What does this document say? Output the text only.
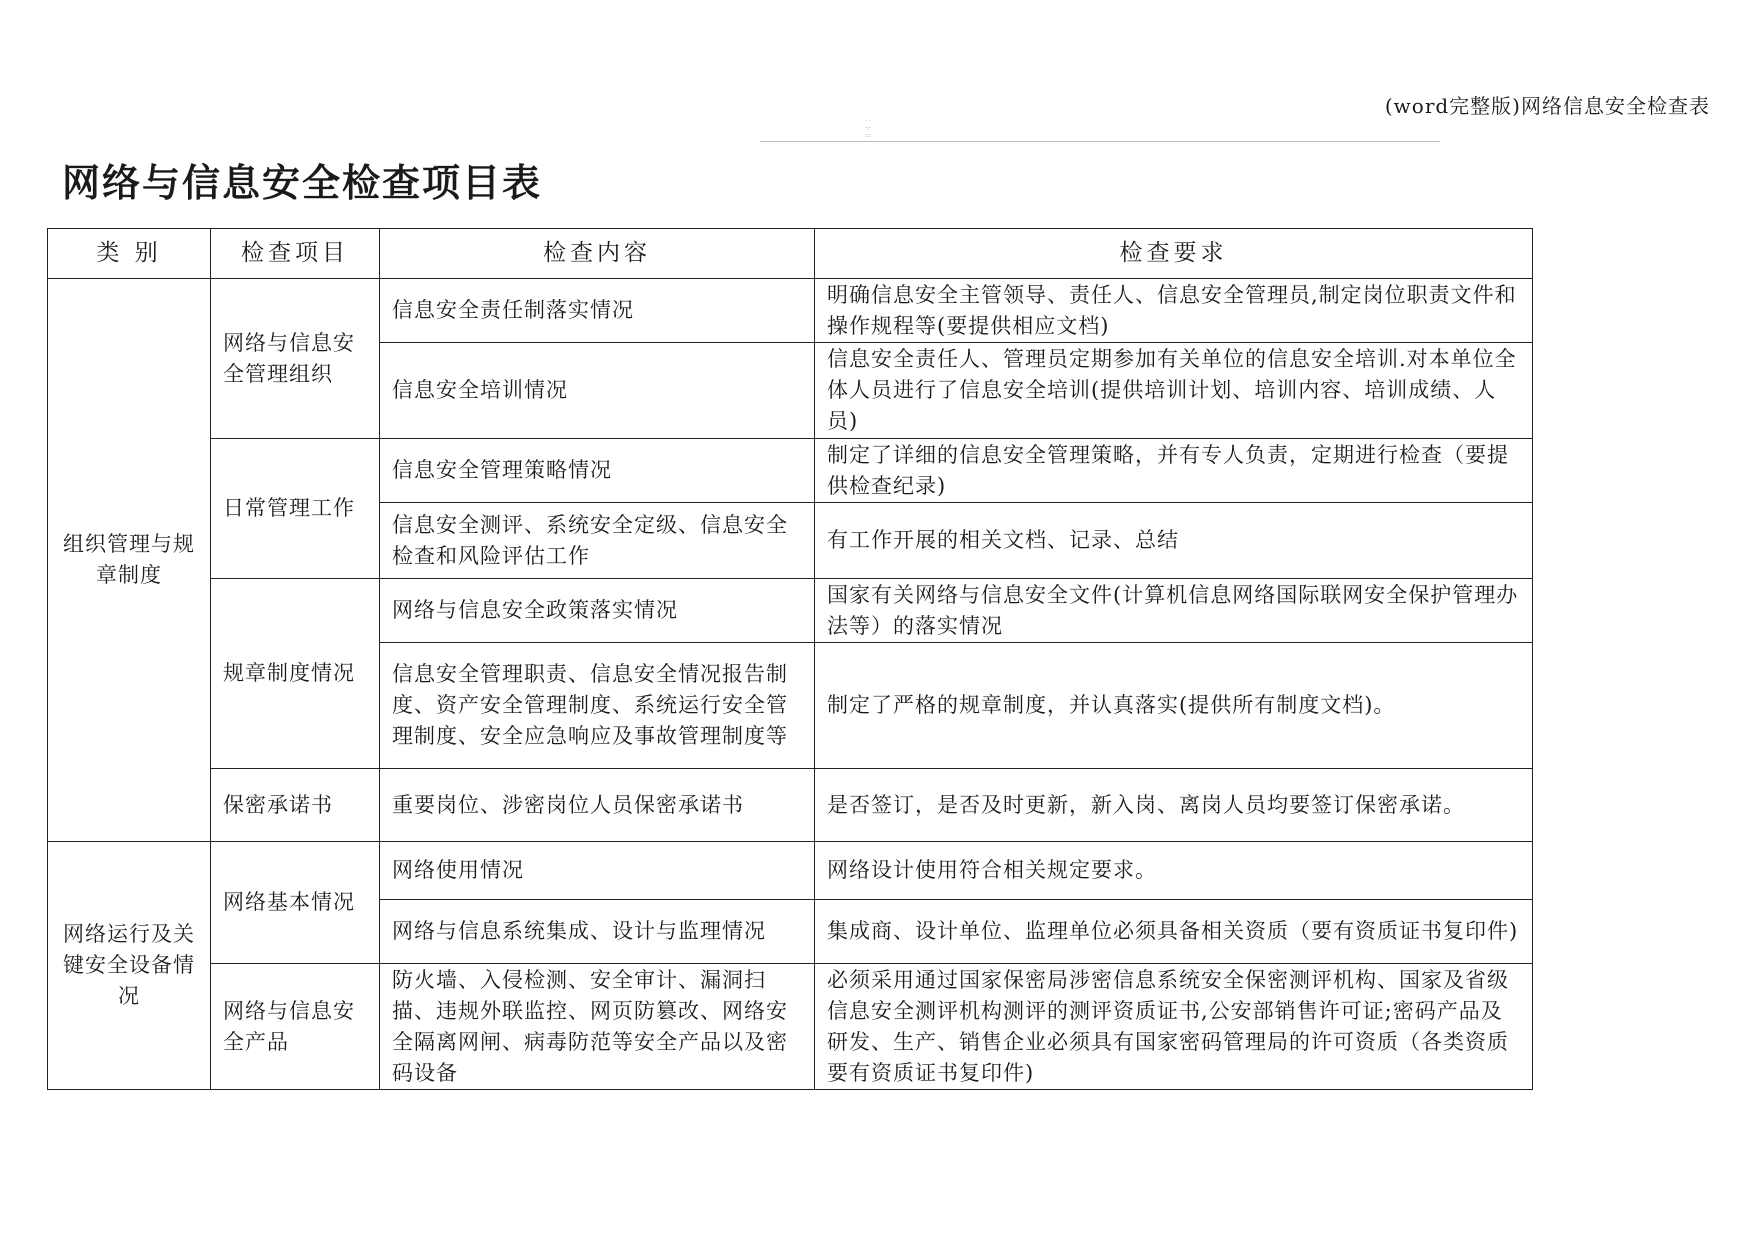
(word完整版)网络信息安全检查表
· ·
·:·
:::
网络与信息安全检查项目表
类 别	检查项目	检查内容	检查要求
组织管理与规章制度	网络与信息安全管理组织	信息安全责任制落实情况	明确信息安全主管领导、责任人、信息安全管理员,制定岗位职责文件和操作规程等(要提供相应文档)
		信息安全培训情况	信息安全责任人、管理员定期参加有关单位的信息安全培训.对本单位全体人员进行了信息安全培训(提供培训计划、培训内容、培训成绩、人员)
	日常管理工作	信息安全管理策略情况	制定了详细的信息安全管理策略，并有专人负责，定期进行检查（要提供检查纪录)
		信息安全测评、系统安全定级、信息安全检查和风险评估工作	有工作开展的相关文档、记录、总结
	规章制度情况	网络与信息安全政策落实情况	国家有关网络与信息安全文件(计算机信息网络国际联网安全保护管理办法等）的落实情况
		信息安全管理职责、信息安全情况报告制度、资产安全管理制度、系统运行安全管理制度、安全应急响应及事故管理制度等	制定了严格的规章制度，并认真落实(提供所有制度文档)。
	保密承诺书	重要岗位、涉密岗位人员保密承诺书	是否签订，是否及时更新，新入岗、离岗人员均要签订保密承诺。
网络运行及关键安全设备情况	网络基本情况	网络使用情况	网络设计使用符合相关规定要求。
		网络与信息系统集成、设计与监理情况	集成商、设计单位、监理单位必须具备相关资质（要有资质证书复印件)
	网络与信息安全产品	防火墙、入侵检测、安全审计、漏洞扫描、违规外联监控、网页防篡改、网络安全隔离网闸、病毒防范等安全产品以及密码设备	必须采用通过国家保密局涉密信息系统安全保密测评机构、国家及省级信息安全测评机构测评的测评资质证书,公安部销售许可证;密码产品及研发、生产、销售企业必须具有国家密码管理局的许可资质（各类资质要有资质证书复印件)
